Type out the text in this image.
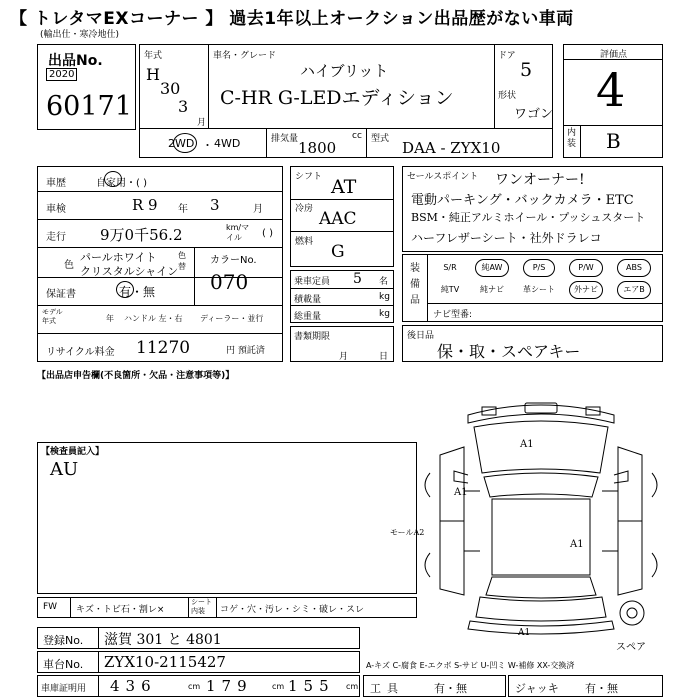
【 トレタマEXコーナー 】 過去1年以上オークション出品歴がない車両
(輸出仕・寒冷地仕)
出品No.
2020
60171
年式
H
30
3
月
車名・グレード
ハイブリット
C-HR G-LEDエディション
ドア
5
形状
ワゴン
2WD ・ 4WD	排気量	cc
1800	型式 DAA - ZYX10
評価点
4
内装 B
車歴	自家用・( )
車検	R 9 年 3	月
走行 9万0千56.2	km/マイル	( )
色
パールホワイト
クリスタルシャイン
色替
カラーNo.
070
保証書	有・無
モデル年式	年 ハンドル 左・右 ディーラー・並行
リサイクル料金 11270	円 預託済
シフト AT
冷房 AAC
燃料 G
乗車定員 5 名
積載量	kg
総重量	kg
書類期限
月	日
セールスポイント ワンオーナー!
電動パーキング・バックカメラ・ETC
BSM・純正アルミホイール・プッシュスタート
ハーフレザーシート・社外ドラレコ
装備品
S/R	純AW	P/S	P/W	ABS
純TV	純ナビ	革シート	外ナビ	エアB
ナビ型番:
後日品
保・取・スペアキー
【出品店申告欄(不良箇所・欠品・注意事項等)】
【検査員記入】
AU
A1
A1
A1
A1
モールA2
スペア
FW キズ・トビ石・割レ×
シート内装	コゲ・穴・汚レ・シミ・破レ・スレ
登録No. 滋賀 301 と 4801
車台No. ZYX10-2115427	A-キズ C-腐食 E-エクボ S-サビ U-凹ミ W-補修 XX-交換済
車庫証明用 436	cm 179 cm 155 cm 工具	有・無	ジャッキ 有・無
